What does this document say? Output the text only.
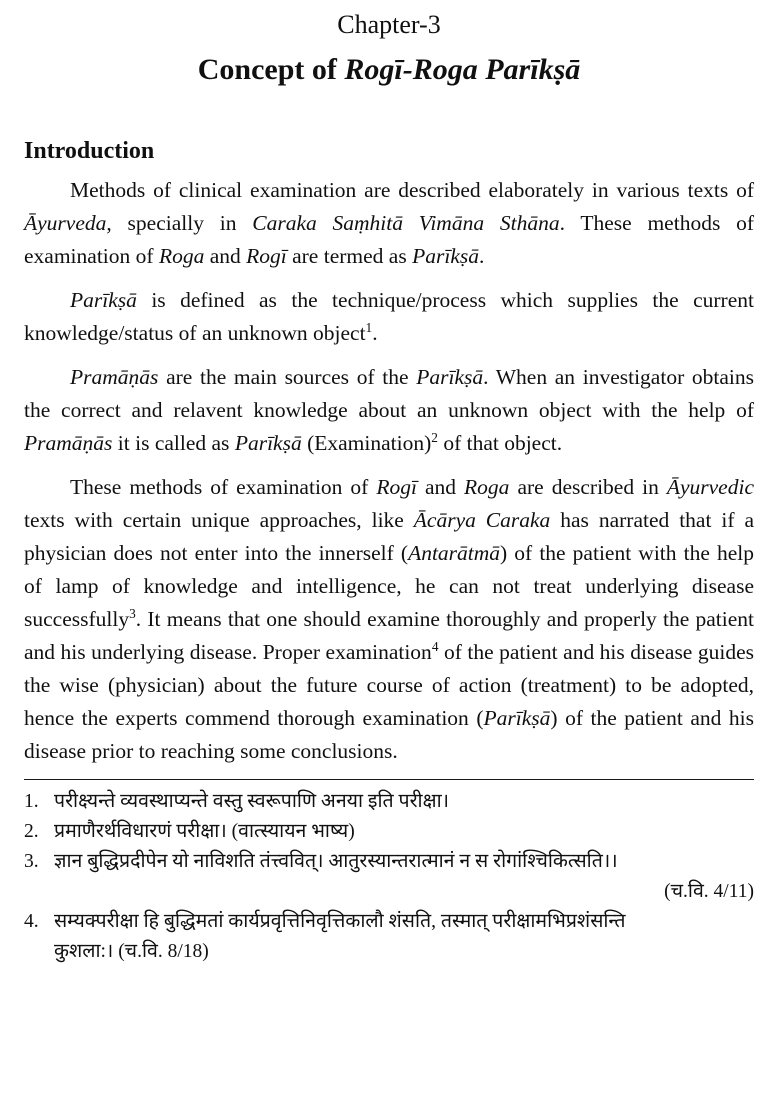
Chapter-3
Concept of Rogī-Roga Parīkṣā
Introduction

Methods of clinical examination are described elaborately in various texts of Āyurveda, specially in Caraka Saṃhitā Vimāna Sthāna. These methods of examination of Roga and Rogī are termed as Parīkṣā.

Parīkṣā is defined as the technique/process which supplies the current knowledge/status of an unknown object$^1$.

Pramāṇās are the main sources of the Parīkṣā. When an investigator obtains the correct and relavent knowledge about an unknown object with the help of Pramāṇās it is called as Parīkṣā (Examination)$^2$ of that object.

These methods of examination of Rogī and Roga are described in Āyurvedic texts with certain unique approaches, like Ācārya Caraka has narrated that if a physician does not enter into the innerself (Antarātmā) of the patient with the help of lamp of knowledge and intelligence, he can not treat underlying disease successfully$^3$. It means that one should examine thoroughly and properly the patient and his underlying disease. Proper examination$^4$ of the patient and his disease guides the wise (physician) about the future course of action (treatment) to be adopted, hence the experts commend thorough examination (Parīkṣā) of the patient and his disease prior to reaching some conclusions.

1. परीक्ष्यन्ते व्यवस्थाप्यन्ते वस्तु स्वरूपाणि अनया इति परीक्षा।
2. प्रमाणैरर्थविधारणं परीक्षा। (वात्स्यायन भाष्य)
3. ज्ञान बुद्धिप्रदीपेन यो नाविशति तंत्त्ववित्। आतुरस्यान्तरात्मानं न स रोगांश्चिकित्सति।।
(च.वि. 4/11)
4. सम्यक्परीक्षा हि बुद्धिमतां कार्यप्रवृत्तिनिवृत्तिकालौ शंसति, तस्मात् परीक्षामभिप्रशंसन्ति
कुशला:। (च.वि. 8/18)
